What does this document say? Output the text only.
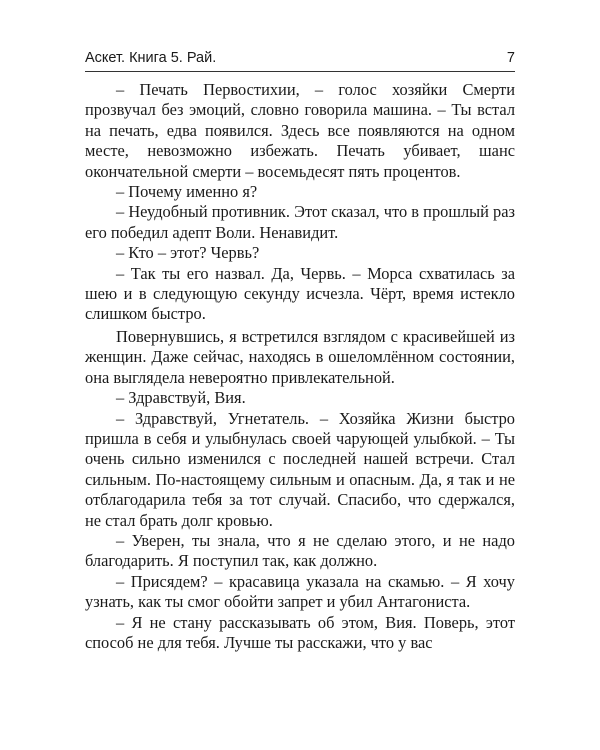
Аскет. Книга 5. Рай.	7

– Печать Первостихии, – голос хозяйки Смерти прозвучал без эмоций, словно говорила машина. – Ты встал на печать, едва появился. Здесь все появляются на одном месте, невозможно избежать. Печать убивает, шанс окончательной смерти – восемьдесят пять процентов.

– Почему именно я?

– Неудобный противник. Этот сказал, что в прошлый раз его победил адепт Воли. Ненавидит.

– Кто – этот? Червь?

– Так ты его назвал. Да, Червь. – Морса схватилась за шею и в следующую секунду исчезла. Чёрт, время истекло слишком быстро.

Повернувшись, я встретился взглядом с красивейшей из женщин. Даже сейчас, находясь в ошеломлённом состоянии, она выглядела невероятно привлекательной.

– Здравствуй, Вия.

– Здравствуй, Угнетатель. – Хозяйка Жизни быстро пришла в себя и улыбнулась своей чарующей улыбкой. – Ты очень сильно изменился с последней нашей встречи. Стал сильным. По-настоящему сильным и опасным. Да, я так и не отблагодарила тебя за тот случай. Спасибо, что сдержался, не стал брать долг кровью.

– Уверен, ты знала, что я не сделаю этого, и не надо благодарить. Я поступил так, как должно.

– Присядем? – красавица указала на скамью. – Я хочу узнать, как ты смог обойти запрет и убил Антагониста.

– Я не стану рассказывать об этом, Вия. Поверь, этот способ не для тебя. Лучше ты расскажи, что у вас
